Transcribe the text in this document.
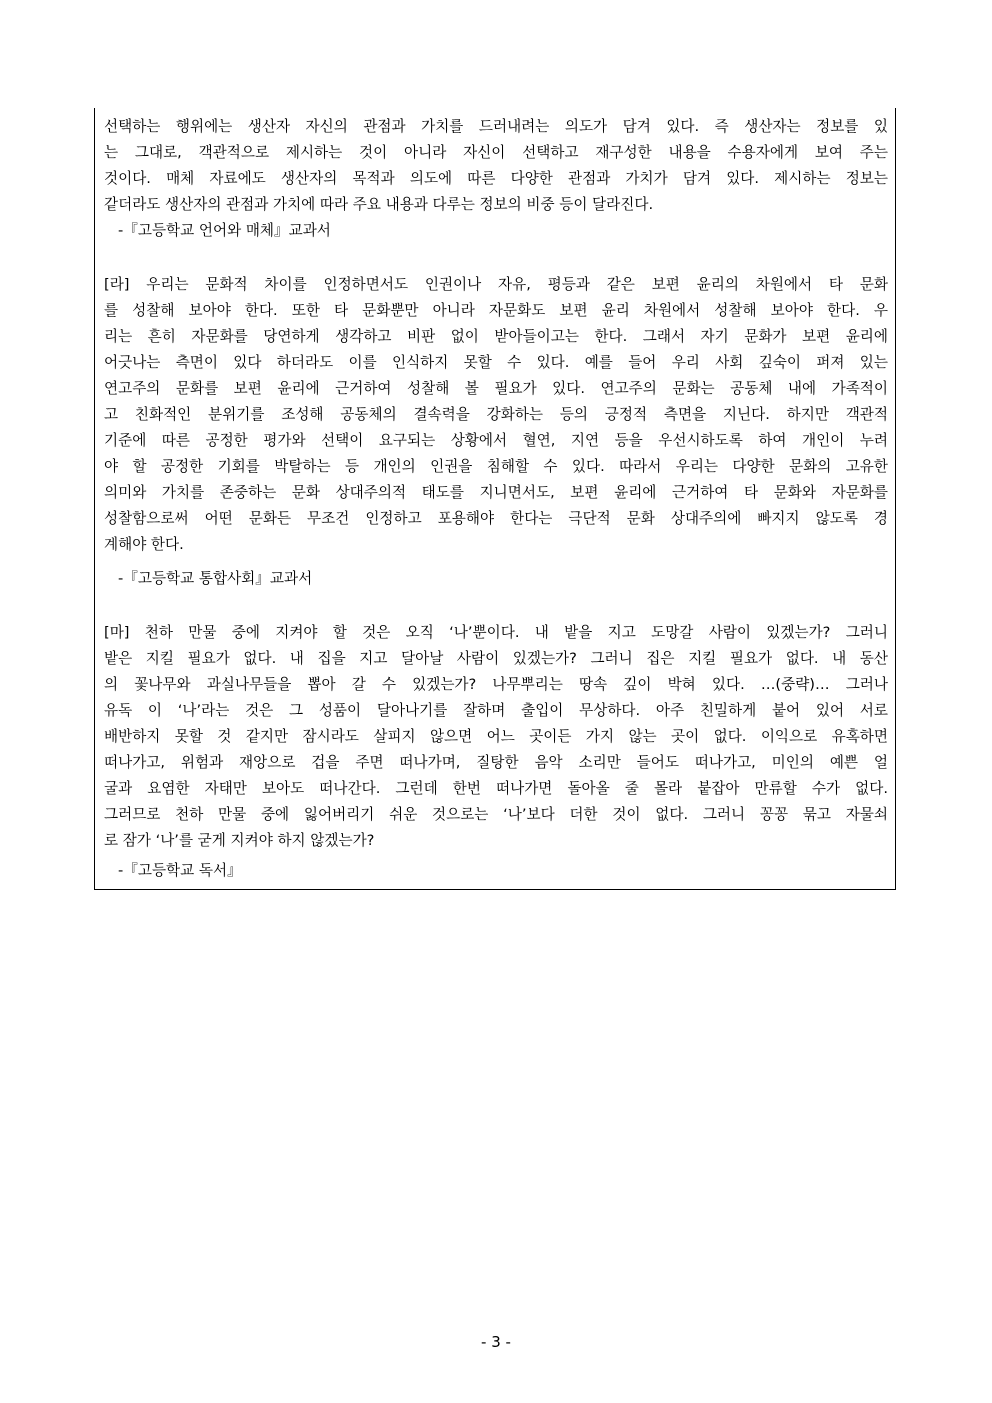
선택하는 행위에는 생산자 자신의 관점과 가치를 드러내려는 의도가 담겨 있다. 즉 생산자는 정보를 있
는 그대로, 객관적으로 제시하는 것이 아니라 자신이 선택하고 재구성한 내용을 수용자에게 보여 주는
것이다. 매체 자료에도 생산자의 목적과 의도에 따른 다양한 관점과 가치가 담겨 있다. 제시하는 정보는
같더라도 생산자의 관점과 가치에 따라 주요 내용과 다루는 정보의 비중 등이 달라진다.
-『고등학교 언어와 매체』교과서
[라] 우리는 문화적 차이를 인정하면서도 인권이나 자유, 평등과 같은 보편 윤리의 차원에서 타 문화
를 성찰해 보아야 한다. 또한 타 문화뿐만 아니라 자문화도 보편 윤리 차원에서 성찰해 보아야 한다. 우
리는 흔히 자문화를 당연하게 생각하고 비판 없이 받아들이고는 한다. 그래서 자기 문화가 보편 윤리에
어긋나는 측면이 있다 하더라도 이를 인식하지 못할 수 있다. 예를 들어 우리 사회 깊숙이 퍼져 있는
연고주의 문화를 보편 윤리에 근거하여 성찰해 볼 필요가 있다. 연고주의 문화는 공동체 내에 가족적이
고 친화적인 분위기를 조성해 공동체의 결속력을 강화하는 등의 긍정적 측면을 지닌다. 하지만 객관적
기준에 따른 공정한 평가와 선택이 요구되는 상황에서 혈연, 지연 등을 우선시하도록 하여 개인이 누려
야 할 공정한 기회를 박탈하는 등 개인의 인권을 침해할 수 있다. 따라서 우리는 다양한 문화의 고유한
의미와 가치를 존중하는 문화 상대주의적 태도를 지니면서도, 보편 윤리에 근거하여 타 문화와 자문화를
성찰함으로써 어떤 문화든 무조건 인정하고 포용해야 한다는 극단적 문화 상대주의에 빠지지 않도록 경
계해야 한다.
-『고등학교 통합사회』교과서
[마] 천하 만물 중에 지켜야 할 것은 오직 ‘나’뿐이다. 내 밭을 지고 도망갈 사람이 있겠는가? 그러니
밭은 지킬 필요가 없다. 내 집을 지고 달아날 사람이 있겠는가? 그러니 집은 지킬 필요가 없다. 내 동산
의 꽃나무와 과실나무들을 뽑아 갈 수 있겠는가? 나무뿌리는 땅속 깊이 박혀 있다. …(중략)… 그러나
유독 이 ‘나’라는 것은 그 성품이 달아나기를 잘하며 출입이 무상하다. 아주 친밀하게 붙어 있어 서로
배반하지 못할 것 같지만 잠시라도 살피지 않으면 어느 곳이든 가지 않는 곳이 없다. 이익으로 유혹하면
떠나가고, 위험과 재앙으로 겁을 주면 떠나가며, 질탕한 음악 소리만 들어도 떠나가고, 미인의 예쁜 얼
굴과 요염한 자태만 보아도 떠나간다. 그런데 한번 떠나가면 돌아올 줄 몰라 붙잡아 만류할 수가 없다.
그러므로 천하 만물 중에 잃어버리기 쉬운 것으로는 ‘나’보다 더한 것이 없다. 그러니 꽁꽁 묶고 자물쇠
로 잠가 ‘나’를 굳게 지켜야 하지 않겠는가?
-『고등학교 독서』
- 3 -
